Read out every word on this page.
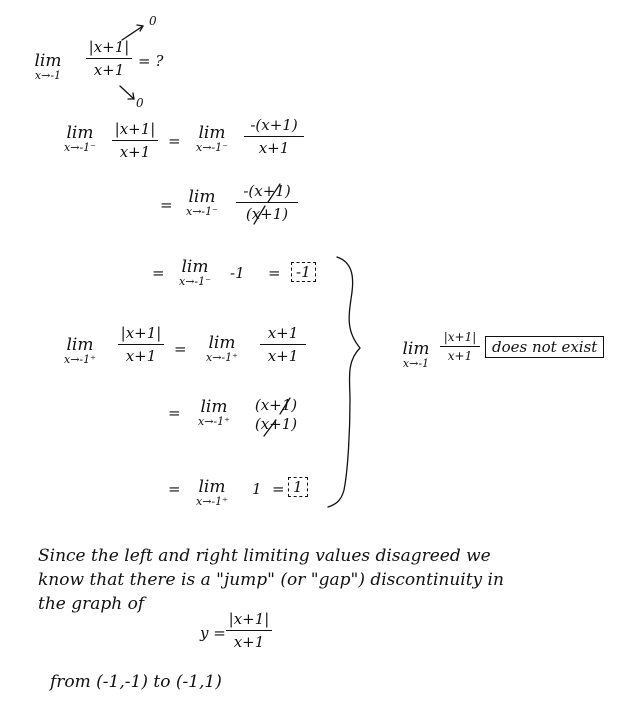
lim
x→-1
|x+1|
x+1 = ?
0
0
lim
x→-1⁻
|x+1|
x+1
=	lim
x→-1⁻
-(x+1)
x+1
= lim
x→-1⁻
-(x+1)
(x+1)
= lim
x→-1⁻	-1 =	-1
lim
x→-1⁺
|x+1|
x+1	=	lim
x→-1⁺
x+1
x+1
=	lim
x→-1⁺
(x+1)
(x+1)
=	lim
x→-1⁺
1 = 1
lim
x→-1
|x+1|
x+1	does not exist
Since the left and right limiting values disagreed we
know that there is a "jump" (or "gap") discontinuity in
the graph of
y =
|x+1|
x+1
from (-1,-1) to (-1,1)
